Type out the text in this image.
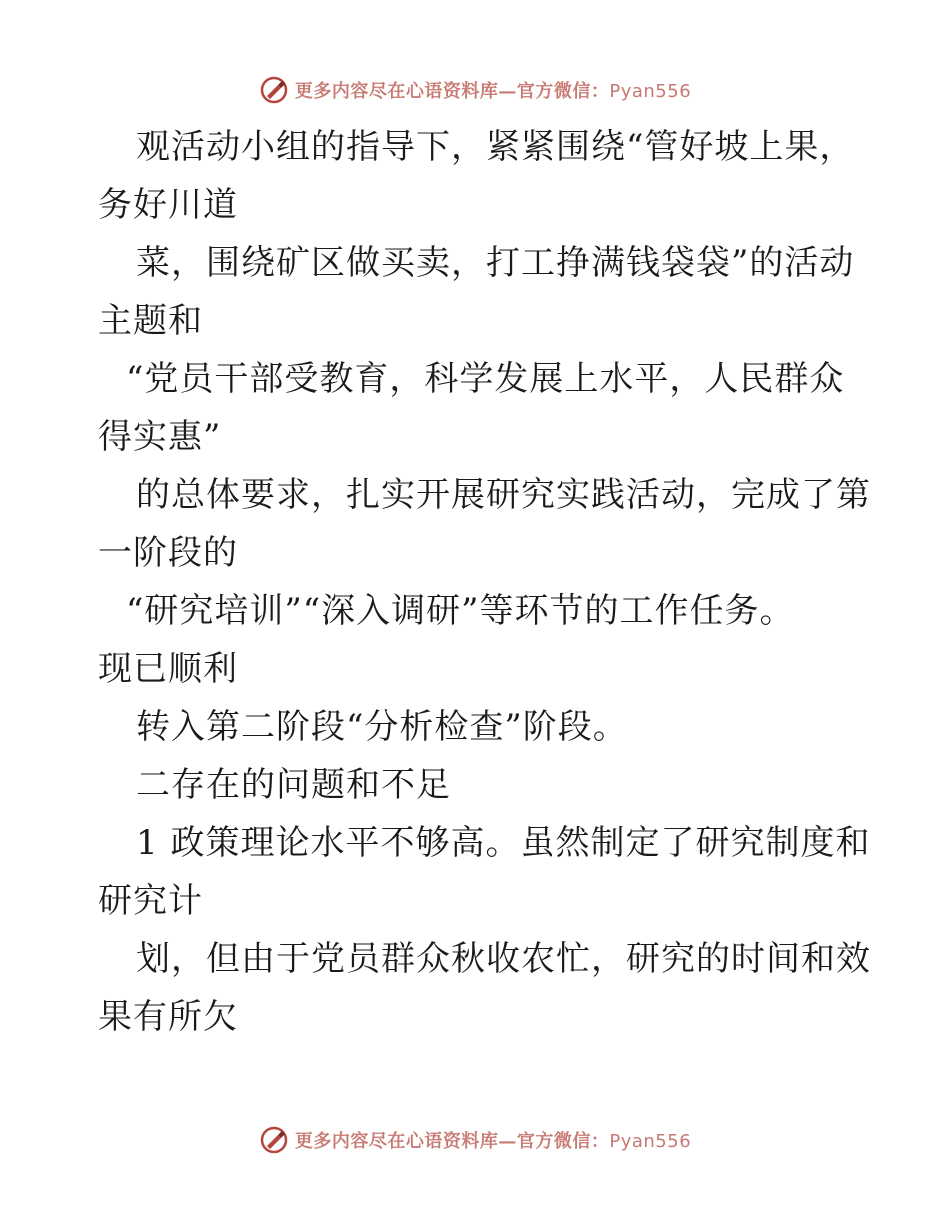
更多内容尽在心语资料库—官方微信：Pyan556
观活动小组的指导下，紧紧围绕“管好坡上果，
务好川道
菜，围绕矿区做买卖，打工挣满钱袋袋”的活动
主题和
“党员干部受教育，科学发展上水平，人民群众
得实惠”
的总体要求，扎实开展研究实践活动，完成了第
一阶段的
“研究培训”“深入调研”等环节的工作任务。
现已顺利
转入第二阶段“分析检查”阶段。
二存在的问题和不足
1 政策理论水平不够高。虽然制定了研究制度和
研究计
划，但由于党员群众秋收农忙，研究的时间和效
果有所欠
更多内容尽在心语资料库—官方微信：Pyan556
